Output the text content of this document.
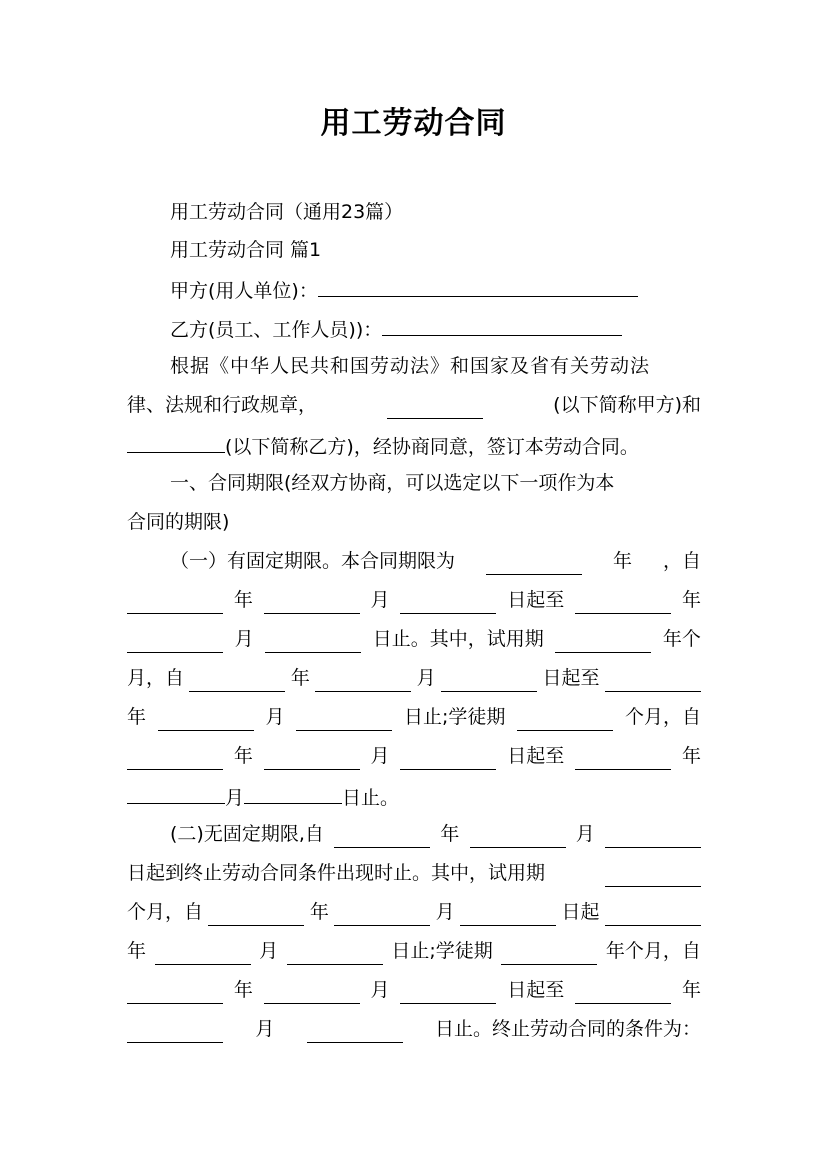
用工劳动合同
用工劳动合同（通用23篇）
用工劳动合同 篇1
甲方(用人单位)：
乙方(员工、工作人员))：
根据《中华人民共和国劳动法》和国家及省有关劳动法
律、法规和行政规章，	(以下简称甲方)和
(以下简称乙方)，经协商同意，签订本劳动合同。
一、合同期限(经双方协商，可以选定以下一项作为本
合同的期限)
（一）有固定期限。本合同期限为	年 ，自
年	月	日起至	年
月	日止。其中，试用期	年个
月，自	年	月	日起至
年	月	日止;学徒期	个月，自
年	月	日起至	年
月	日止。
(二)无固定期限,自	年	月
日起到终止劳动合同条件出现时止。其中，试用期
个月，自	年	月	日起
年	月	日止;学徒期	年个月，自
年	月	日起至	年
月	日止。终止劳动合同的条件为：
